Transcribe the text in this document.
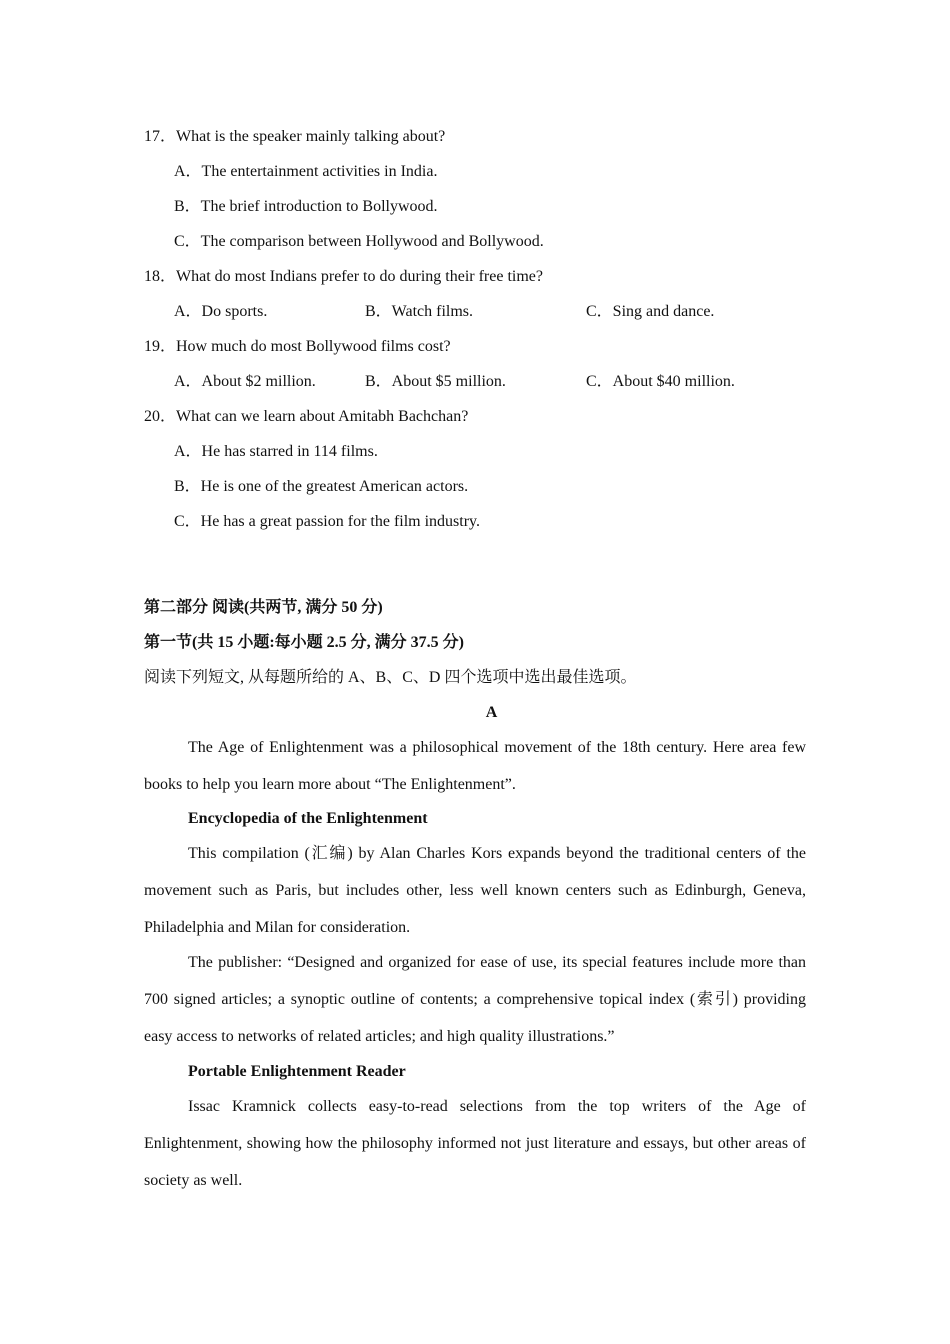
17．What is the speaker mainly talking about?
A．The entertainment activities in India.
B．The brief introduction to Bollywood.
C．The comparison between Hollywood and Bollywood.
18．What do most Indians prefer to do during their free time?
A．Do sports.	B．Watch films.	C．Sing and dance.
19．How much do most Bollywood films cost?
A．About $2 million.	B．About $5 million.	C．About $40 million.
20．What can we learn about Amitabh Bachchan?
A．He has starred in 114 films.
B．He is one of the greatest American actors.
C．He has a great passion for the film industry.
第二部分 阅读(共两节, 满分 50 分)
第一节(共 15 小题:每小题 2.5 分, 满分 37.5 分)
阅读下列短文, 从每题所给的 A、B、C、D 四个选项中选出最佳选项。
A
The Age of Enlightenment was a philosophical movement of the 18th century. Here area few books to help you learn more about “The Enlightenment”.
Encyclopedia of the Enlightenment
This compilation (汇编) by Alan Charles Kors expands beyond the traditional centers of the movement such as Paris, but includes other, less well known centers such as Edinburgh, Geneva, Philadelphia and Milan for consideration.
The publisher: “Designed and organized for ease of use, its special features include more than 700 signed articles; a synoptic outline of contents; a comprehensive topical index (索引) providing easy access to networks of related articles; and high quality illustrations.”
Portable Enlightenment Reader
Issac Kramnick collects easy-to-read selections from the top writers of the Age of Enlightenment, showing how the philosophy informed not just literature and essays, but other areas of society as well.
